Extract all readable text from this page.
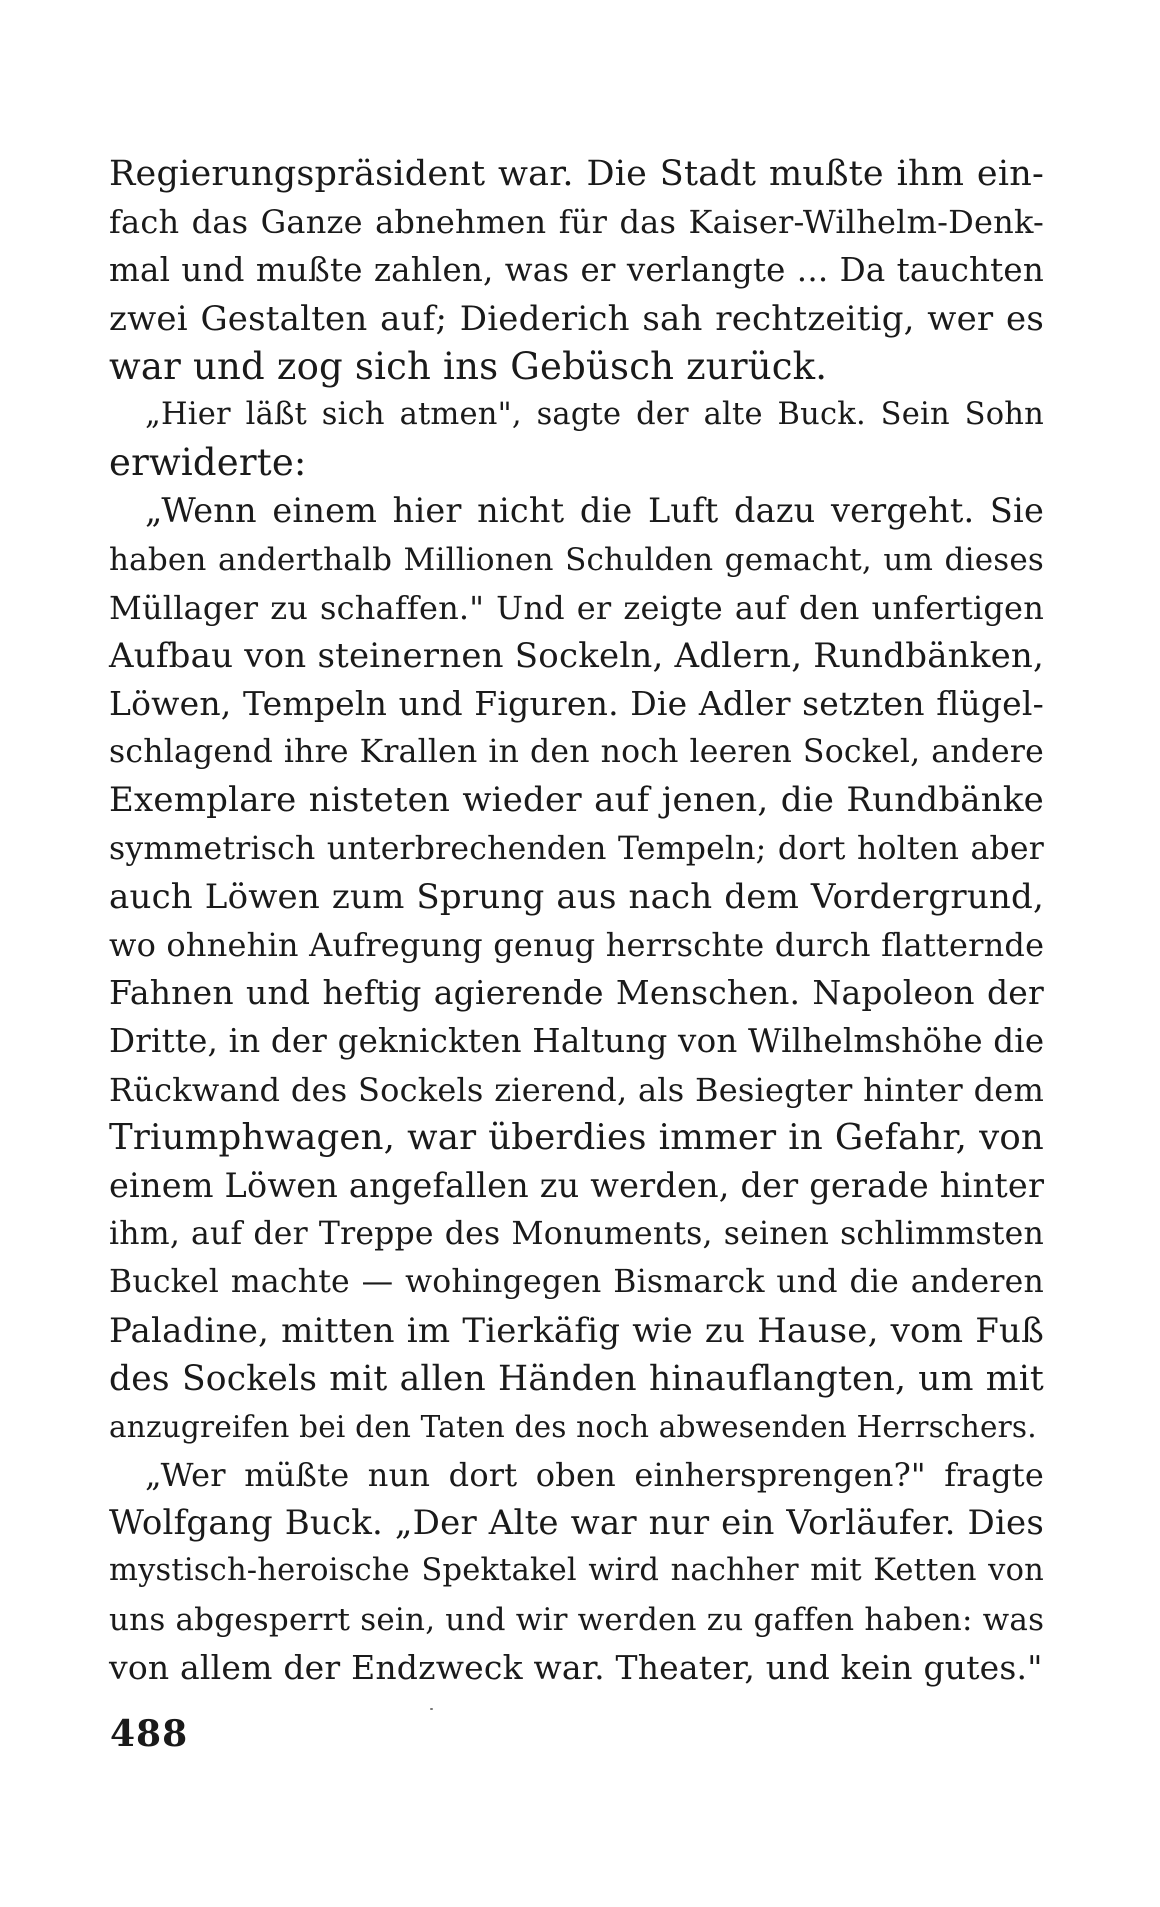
Regierungspräsident war. Die Stadt mußte ihm ein-
fach das Ganze abnehmen für das Kaiser-Wilhelm-Denk-
mal und mußte zahlen, was er verlangte ... Da tauchten
zwei Gestalten auf; Diederich sah rechtzeitig, wer es
war und zog sich ins Gebüsch zurück.
„Hier läßt sich atmen", sagte der alte Buck. Sein Sohn
erwiderte:
„Wenn einem hier nicht die Luft dazu vergeht. Sie
haben anderthalb Millionen Schulden gemacht, um dieses
Müllager zu schaffen." Und er zeigte auf den unfertigen
Aufbau von steinernen Sockeln, Adlern, Rundbänken,
Löwen, Tempeln und Figuren. Die Adler setzten flügel-
schlagend ihre Krallen in den noch leeren Sockel, andere
Exemplare nisteten wieder auf jenen, die Rundbänke
symmetrisch unterbrechenden Tempeln; dort holten aber
auch Löwen zum Sprung aus nach dem Vordergrund,
wo ohnehin Aufregung genug herrschte durch flatternde
Fahnen und heftig agierende Menschen. Napoleon der
Dritte, in der geknickten Haltung von Wilhelmshöhe die
Rückwand des Sockels zierend, als Besiegter hinter dem
Triumphwagen, war überdies immer in Gefahr, von
einem Löwen angefallen zu werden, der gerade hinter
ihm, auf der Treppe des Monuments, seinen schlimmsten
Buckel machte — wohingegen Bismarck und die anderen
Paladine, mitten im Tierkäfig wie zu Hause, vom Fuß
des Sockels mit allen Händen hinauflangten, um mit
anzugreifen bei den Taten des noch abwesenden Herrschers.
„Wer müßte nun dort oben einhersprengen?" fragte
Wolfgang Buck. „Der Alte war nur ein Vorläufer. Dies
mystisch-heroische Spektakel wird nachher mit Ketten von
uns abgesperrt sein, und wir werden zu gaffen haben: was
von allem der Endzweck war. Theater, und kein gutes."
488
